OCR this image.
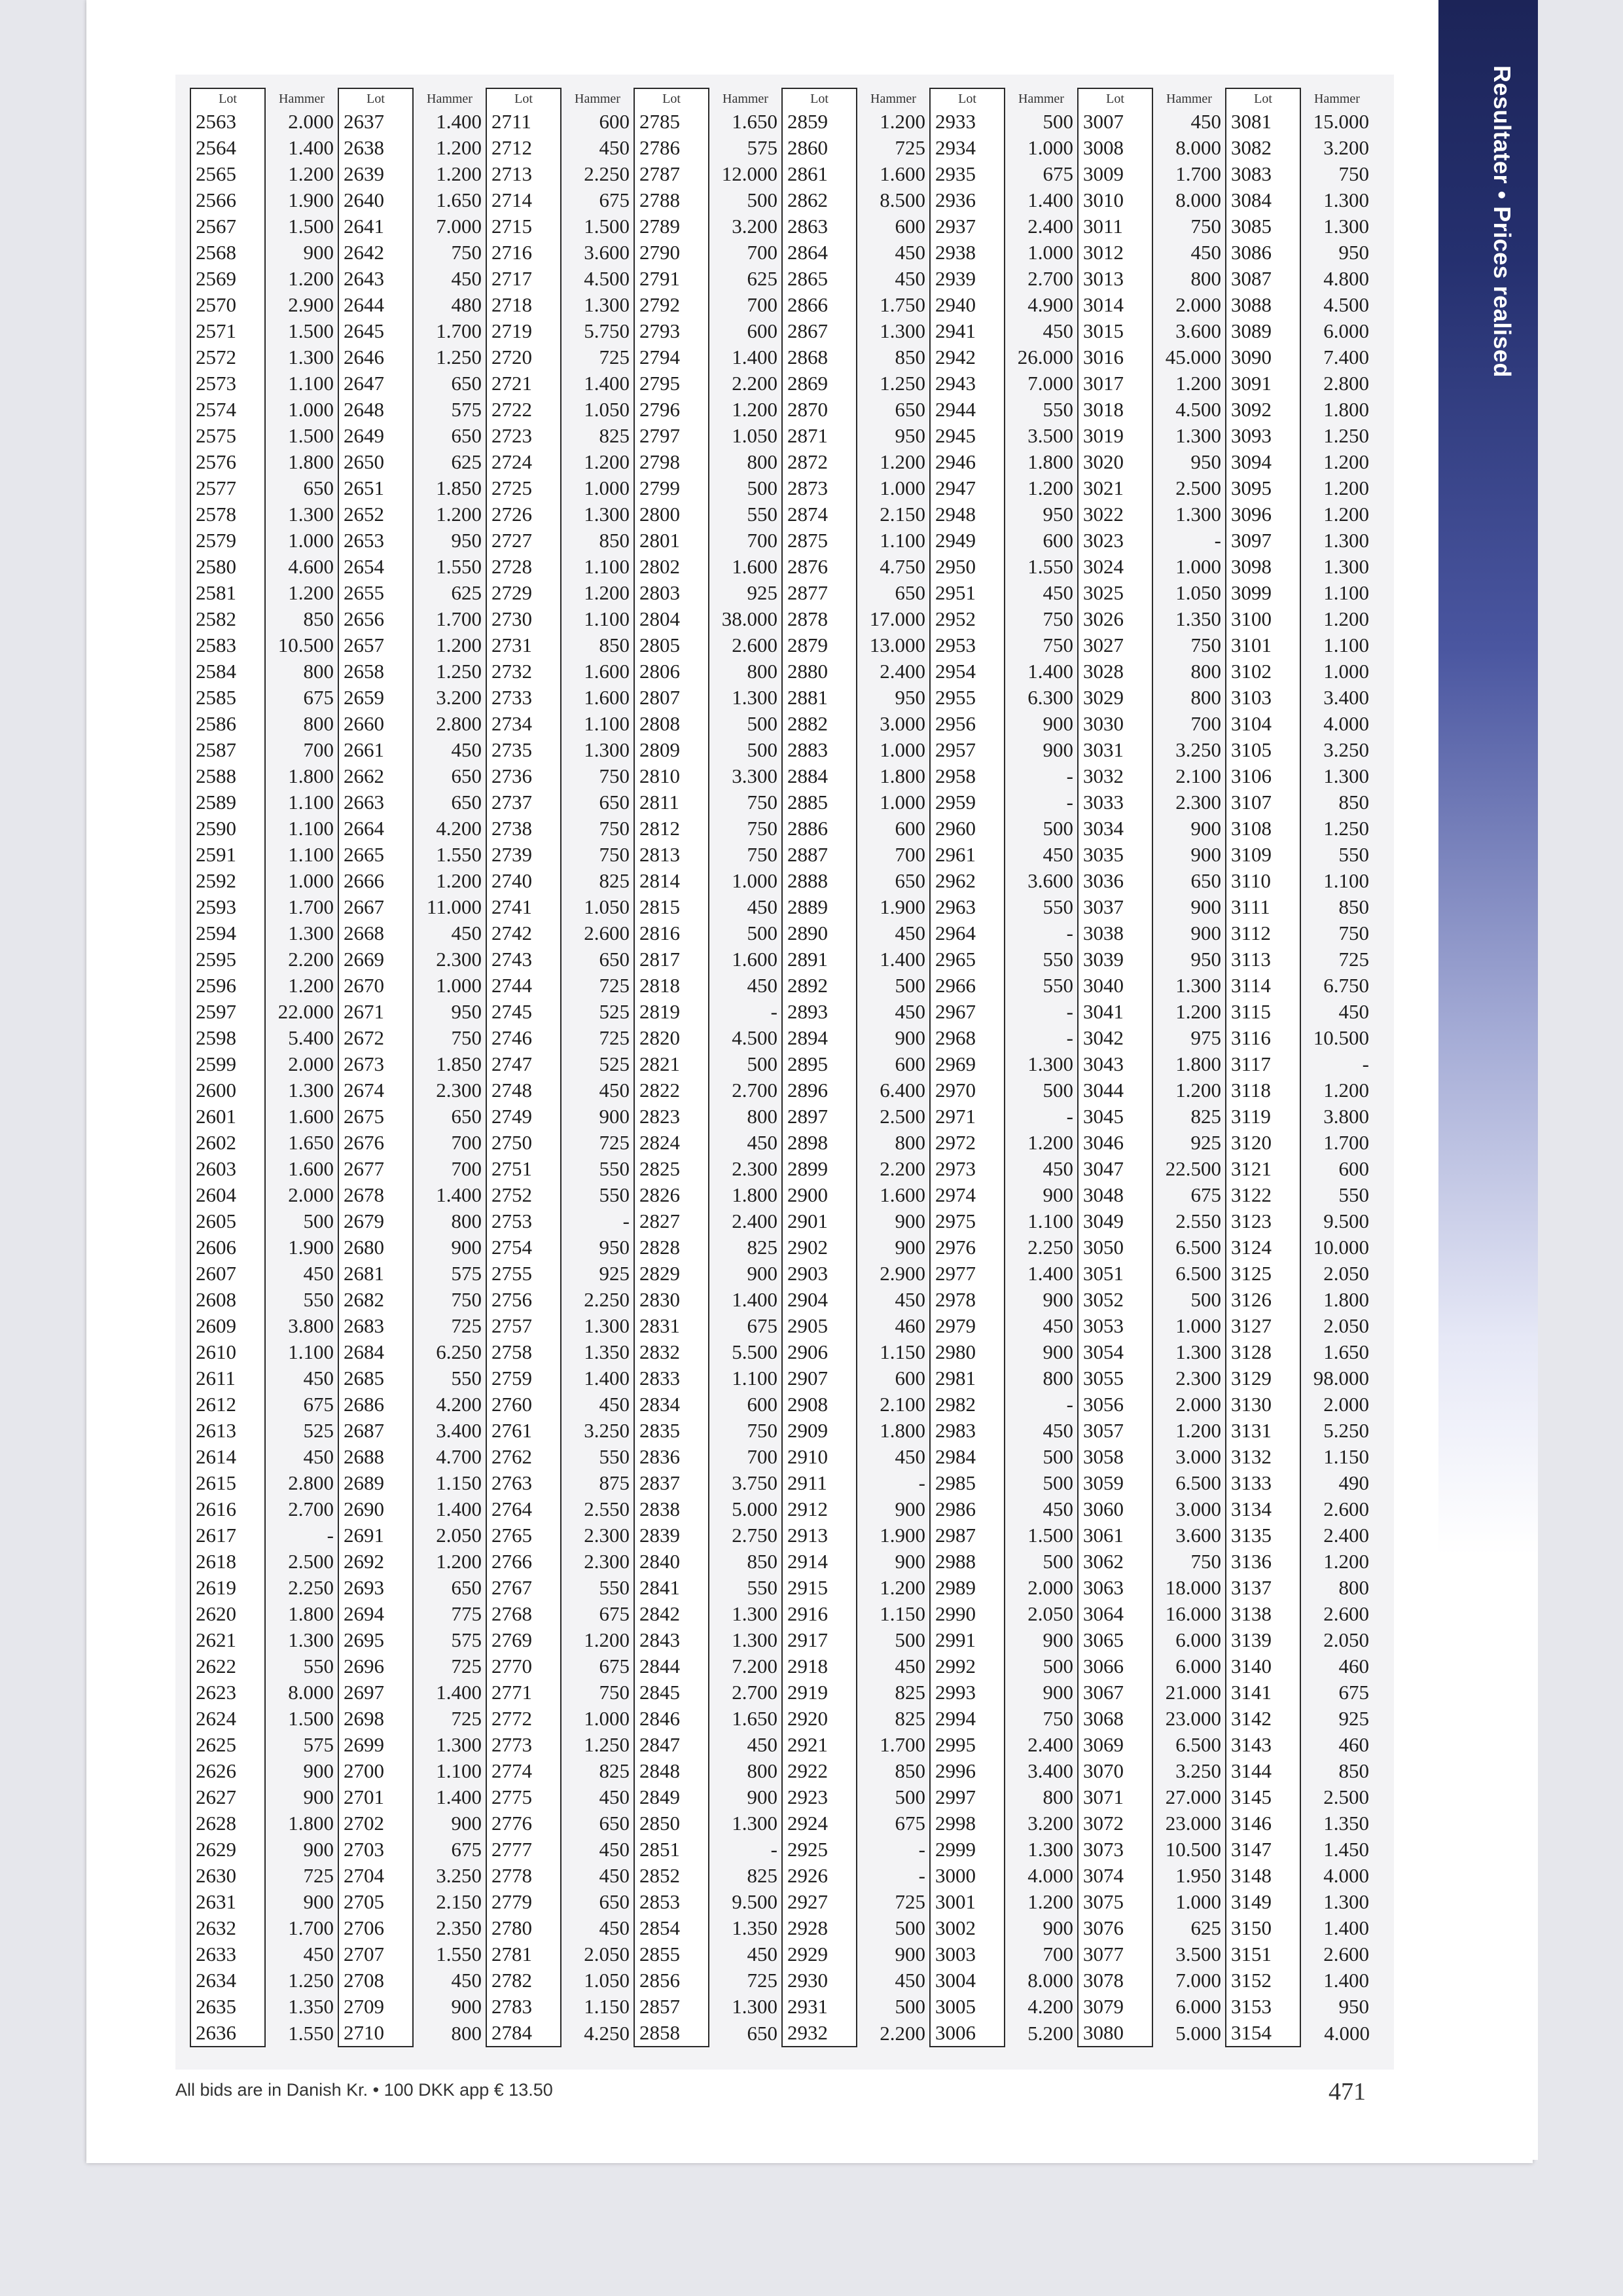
Resultater • Prices realised
Lot	Hammer	Lot	Hammer	Lot	Hammer	Lot	Hammer	Lot	Hammer	Lot	Hammer	Lot	Hammer	Lot	Hammer
2563	2.000	2637	1.400	2711	600	2785	1.650	2859	1.200	2933	500	3007	450	3081	15.000
2564	1.400	2638	1.200	2712	450	2786	575	2860	725	2934	1.000	3008	8.000	3082	3.200
2565	1.200	2639	1.200	2713	2.250	2787	12.000	2861	1.600	2935	675	3009	1.700	3083	750
2566	1.900	2640	1.650	2714	675	2788	500	2862	8.500	2936	1.400	3010	8.000	3084	1.300
2567	1.500	2641	7.000	2715	1.500	2789	3.200	2863	600	2937	2.400	3011	750	3085	1.300
2568	900	2642	750	2716	3.600	2790	700	2864	450	2938	1.000	3012	450	3086	950
2569	1.200	2643	450	2717	4.500	2791	625	2865	450	2939	2.700	3013	800	3087	4.800
2570	2.900	2644	480	2718	1.300	2792	700	2866	1.750	2940	4.900	3014	2.000	3088	4.500
2571	1.500	2645	1.700	2719	5.750	2793	600	2867	1.300	2941	450	3015	3.600	3089	6.000
2572	1.300	2646	1.250	2720	725	2794	1.400	2868	850	2942	26.000	3016	45.000	3090	7.400
2573	1.100	2647	650	2721	1.400	2795	2.200	2869	1.250	2943	7.000	3017	1.200	3091	2.800
2574	1.000	2648	575	2722	1.050	2796	1.200	2870	650	2944	550	3018	4.500	3092	1.800
2575	1.500	2649	650	2723	825	2797	1.050	2871	950	2945	3.500	3019	1.300	3093	1.250
2576	1.800	2650	625	2724	1.200	2798	800	2872	1.200	2946	1.800	3020	950	3094	1.200
2577	650	2651	1.850	2725	1.000	2799	500	2873	1.000	2947	1.200	3021	2.500	3095	1.200
2578	1.300	2652	1.200	2726	1.300	2800	550	2874	2.150	2948	950	3022	1.300	3096	1.200
2579	1.000	2653	950	2727	850	2801	700	2875	1.100	2949	600	3023	-	3097	1.300
2580	4.600	2654	1.550	2728	1.100	2802	1.600	2876	4.750	2950	1.550	3024	1.000	3098	1.300
2581	1.200	2655	625	2729	1.200	2803	925	2877	650	2951	450	3025	1.050	3099	1.100
2582	850	2656	1.700	2730	1.100	2804	38.000	2878	17.000	2952	750	3026	1.350	3100	1.200
2583	10.500	2657	1.200	2731	850	2805	2.600	2879	13.000	2953	750	3027	750	3101	1.100
2584	800	2658	1.250	2732	1.600	2806	800	2880	2.400	2954	1.400	3028	800	3102	1.000
2585	675	2659	3.200	2733	1.600	2807	1.300	2881	950	2955	6.300	3029	800	3103	3.400
2586	800	2660	2.800	2734	1.100	2808	500	2882	3.000	2956	900	3030	700	3104	4.000
2587	700	2661	450	2735	1.300	2809	500	2883	1.000	2957	900	3031	3.250	3105	3.250
2588	1.800	2662	650	2736	750	2810	3.300	2884	1.800	2958	-	3032	2.100	3106	1.300
2589	1.100	2663	650	2737	650	2811	750	2885	1.000	2959	-	3033	2.300	3107	850
2590	1.100	2664	4.200	2738	750	2812	750	2886	600	2960	500	3034	900	3108	1.250
2591	1.100	2665	1.550	2739	750	2813	750	2887	700	2961	450	3035	900	3109	550
2592	1.000	2666	1.200	2740	825	2814	1.000	2888	650	2962	3.600	3036	650	3110	1.100
2593	1.700	2667	11.000	2741	1.050	2815	450	2889	1.900	2963	550	3037	900	3111	850
2594	1.300	2668	450	2742	2.600	2816	500	2890	450	2964	-	3038	900	3112	750
2595	2.200	2669	2.300	2743	650	2817	1.600	2891	1.400	2965	550	3039	950	3113	725
2596	1.200	2670	1.000	2744	725	2818	450	2892	500	2966	550	3040	1.300	3114	6.750
2597	22.000	2671	950	2745	525	2819	-	2893	450	2967	-	3041	1.200	3115	450
2598	5.400	2672	750	2746	725	2820	4.500	2894	900	2968	-	3042	975	3116	10.500
2599	2.000	2673	1.850	2747	525	2821	500	2895	600	2969	1.300	3043	1.800	3117	-
2600	1.300	2674	2.300	2748	450	2822	2.700	2896	6.400	2970	500	3044	1.200	3118	1.200
2601	1.600	2675	650	2749	900	2823	800	2897	2.500	2971	-	3045	825	3119	3.800
2602	1.650	2676	700	2750	725	2824	450	2898	800	2972	1.200	3046	925	3120	1.700
2603	1.600	2677	700	2751	550	2825	2.300	2899	2.200	2973	450	3047	22.500	3121	600
2604	2.000	2678	1.400	2752	550	2826	1.800	2900	1.600	2974	900	3048	675	3122	550
2605	500	2679	800	2753	-	2827	2.400	2901	900	2975	1.100	3049	2.550	3123	9.500
2606	1.900	2680	900	2754	950	2828	825	2902	900	2976	2.250	3050	6.500	3124	10.000
2607	450	2681	575	2755	925	2829	900	2903	2.900	2977	1.400	3051	6.500	3125	2.050
2608	550	2682	750	2756	2.250	2830	1.400	2904	450	2978	900	3052	500	3126	1.800
2609	3.800	2683	725	2757	1.300	2831	675	2905	460	2979	450	3053	1.000	3127	2.050
2610	1.100	2684	6.250	2758	1.350	2832	5.500	2906	1.150	2980	900	3054	1.300	3128	1.650
2611	450	2685	550	2759	1.400	2833	1.100	2907	600	2981	800	3055	2.300	3129	98.000
2612	675	2686	4.200	2760	450	2834	600	2908	2.100	2982	-	3056	2.000	3130	2.000
2613	525	2687	3.400	2761	3.250	2835	750	2909	1.800	2983	450	3057	1.200	3131	5.250
2614	450	2688	4.700	2762	550	2836	700	2910	450	2984	500	3058	3.000	3132	1.150
2615	2.800	2689	1.150	2763	875	2837	3.750	2911	-	2985	500	3059	6.500	3133	490
2616	2.700	2690	1.400	2764	2.550	2838	5.000	2912	900	2986	450	3060	3.000	3134	2.600
2617	-	2691	2.050	2765	2.300	2839	2.750	2913	1.900	2987	1.500	3061	3.600	3135	2.400
2618	2.500	2692	1.200	2766	2.300	2840	850	2914	900	2988	500	3062	750	3136	1.200
2619	2.250	2693	650	2767	550	2841	550	2915	1.200	2989	2.000	3063	18.000	3137	800
2620	1.800	2694	775	2768	675	2842	1.300	2916	1.150	2990	2.050	3064	16.000	3138	2.600
2621	1.300	2695	575	2769	1.200	2843	1.300	2917	500	2991	900	3065	6.000	3139	2.050
2622	550	2696	725	2770	675	2844	7.200	2918	450	2992	500	3066	6.000	3140	460
2623	8.000	2697	1.400	2771	750	2845	2.700	2919	825	2993	900	3067	21.000	3141	675
2624	1.500	2698	725	2772	1.000	2846	1.650	2920	825	2994	750	3068	23.000	3142	925
2625	575	2699	1.300	2773	1.250	2847	450	2921	1.700	2995	2.400	3069	6.500	3143	460
2626	900	2700	1.100	2774	825	2848	800	2922	850	2996	3.400	3070	3.250	3144	850
2627	900	2701	1.400	2775	450	2849	900	2923	500	2997	800	3071	27.000	3145	2.500
2628	1.800	2702	900	2776	650	2850	1.300	2924	675	2998	3.200	3072	23.000	3146	1.350
2629	900	2703	675	2777	450	2851	-	2925	-	2999	1.300	3073	10.500	3147	1.450
2630	725	2704	3.250	2778	450	2852	825	2926	-	3000	4.000	3074	1.950	3148	4.000
2631	900	2705	2.150	2779	650	2853	9.500	2927	725	3001	1.200	3075	1.000	3149	1.300
2632	1.700	2706	2.350	2780	450	2854	1.350	2928	500	3002	900	3076	625	3150	1.400
2633	450	2707	1.550	2781	2.050	2855	450	2929	900	3003	700	3077	3.500	3151	2.600
2634	1.250	2708	450	2782	1.050	2856	725	2930	450	3004	8.000	3078	7.000	3152	1.400
2635	1.350	2709	900	2783	1.150	2857	1.300	2931	500	3005	4.200	3079	6.000	3153	950
2636	1.550	2710	800	2784	4.250	2858	650	2932	2.200	3006	5.200	3080	5.000	3154	4.000
All bids are in Danish Kr. • 100 DKK app € 13.50	471
